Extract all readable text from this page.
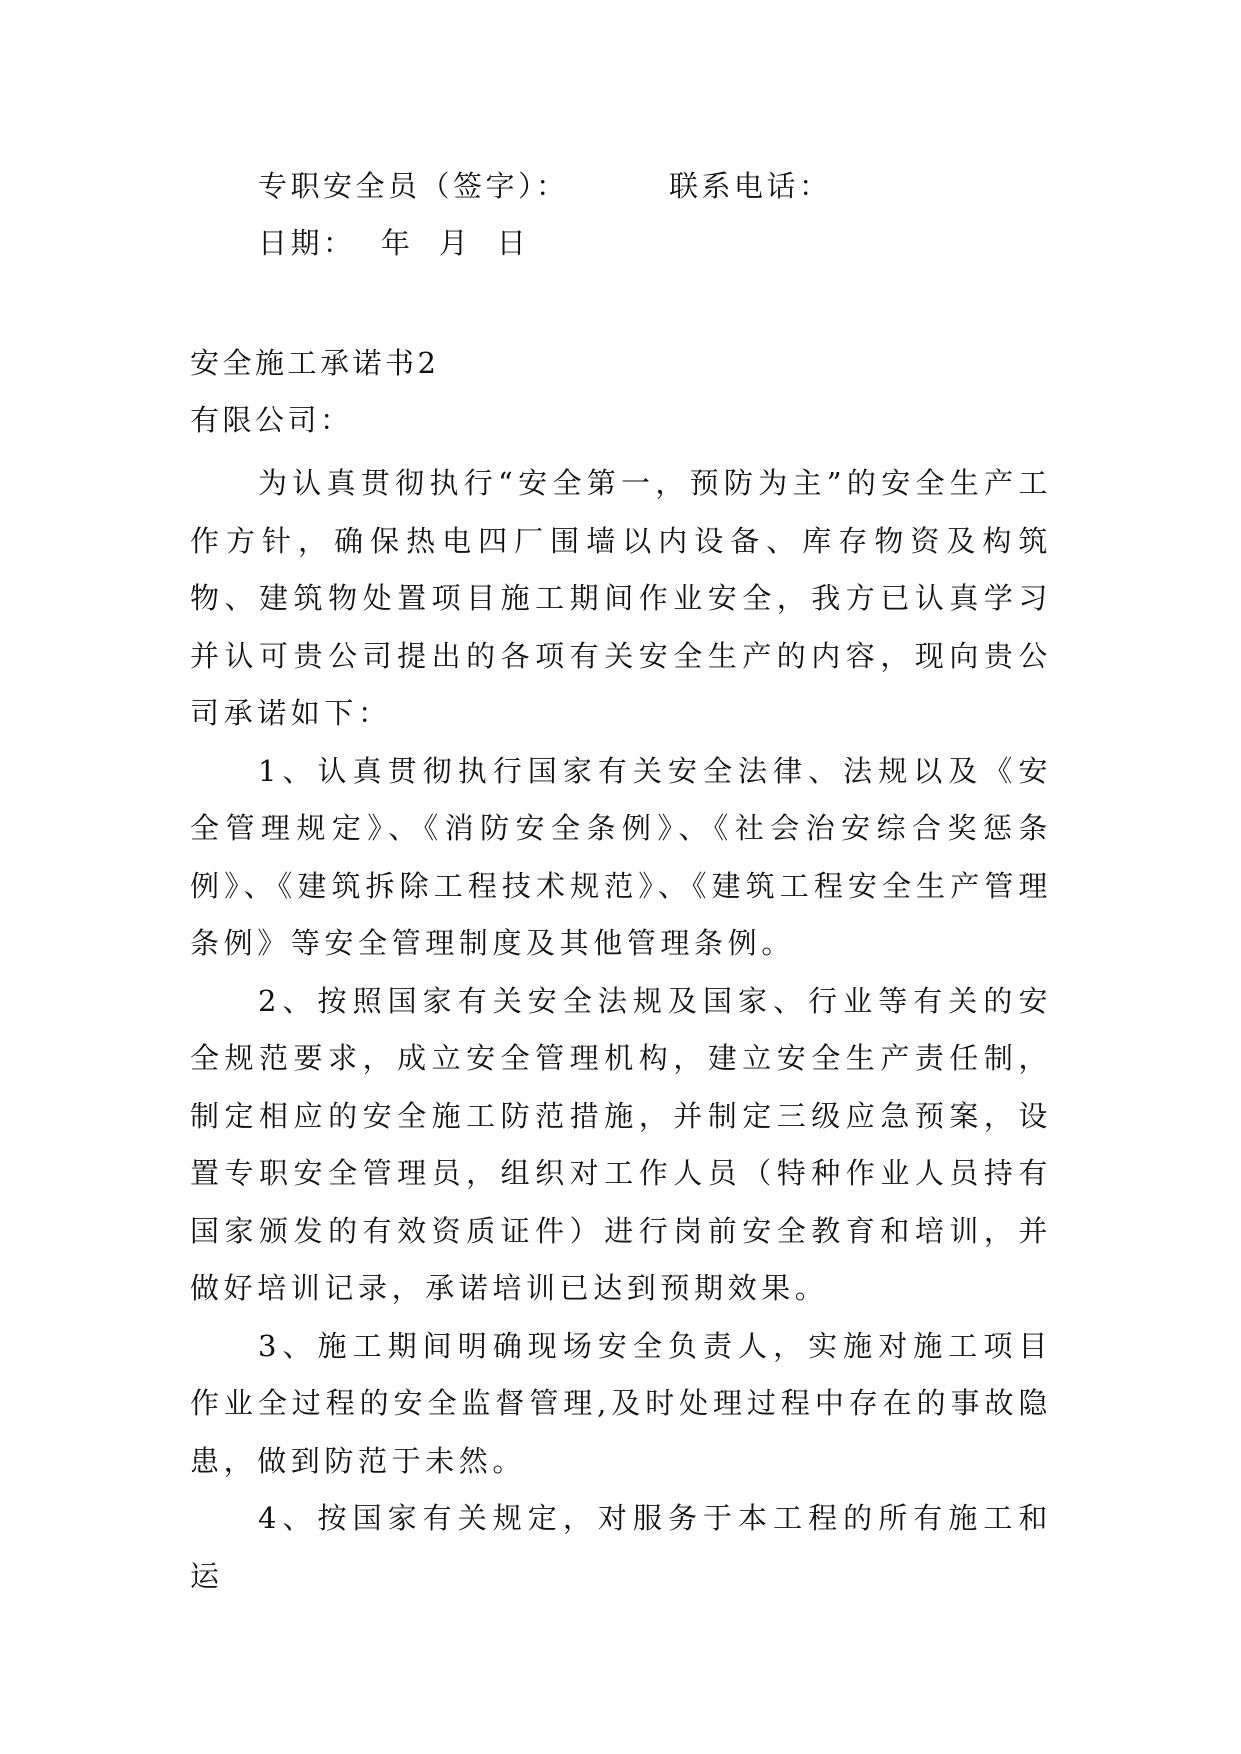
专职安全员（签字）：	联系电话：
日期：  年  月  日
安全施工承诺书2
有限公司：

为认真贯彻执行“安全第一，预防为主”的安全生产工作方针，确保热电四厂围墙以内设备、库存物资及构筑物、建筑物处置项目施工期间作业安全，我方已认真学习并认可贵公司提出的各项有关安全生产的内容，现向贵公司承诺如下：

1、认真贯彻执行国家有关安全法律、法规以及《安全管理规定》、《消防安全条例》、《社会治安综合奖惩条例》、《建筑拆除工程技术规范》、《建筑工程安全生产管理条例》等安全管理制度及其他管理条例。

2、按照国家有关安全法规及国家、行业等有关的安全规范要求，成立安全管理机构，建立安全生产责任制，制定相应的安全施工防范措施，并制定三级应急预案，设置专职安全管理员，组织对工作人员（特种作业人员持有国家颁发的有效资质证件）进行岗前安全教育和培训，并做好培训记录，承诺培训已达到预期效果。

3、施工期间明确现场安全负责人，实施对施工项目作业全过程的安全监督管理,及时处理过程中存在的事故隐患，做到防范于未然。

4、按国家有关规定，对服务于本工程的所有施工和运
